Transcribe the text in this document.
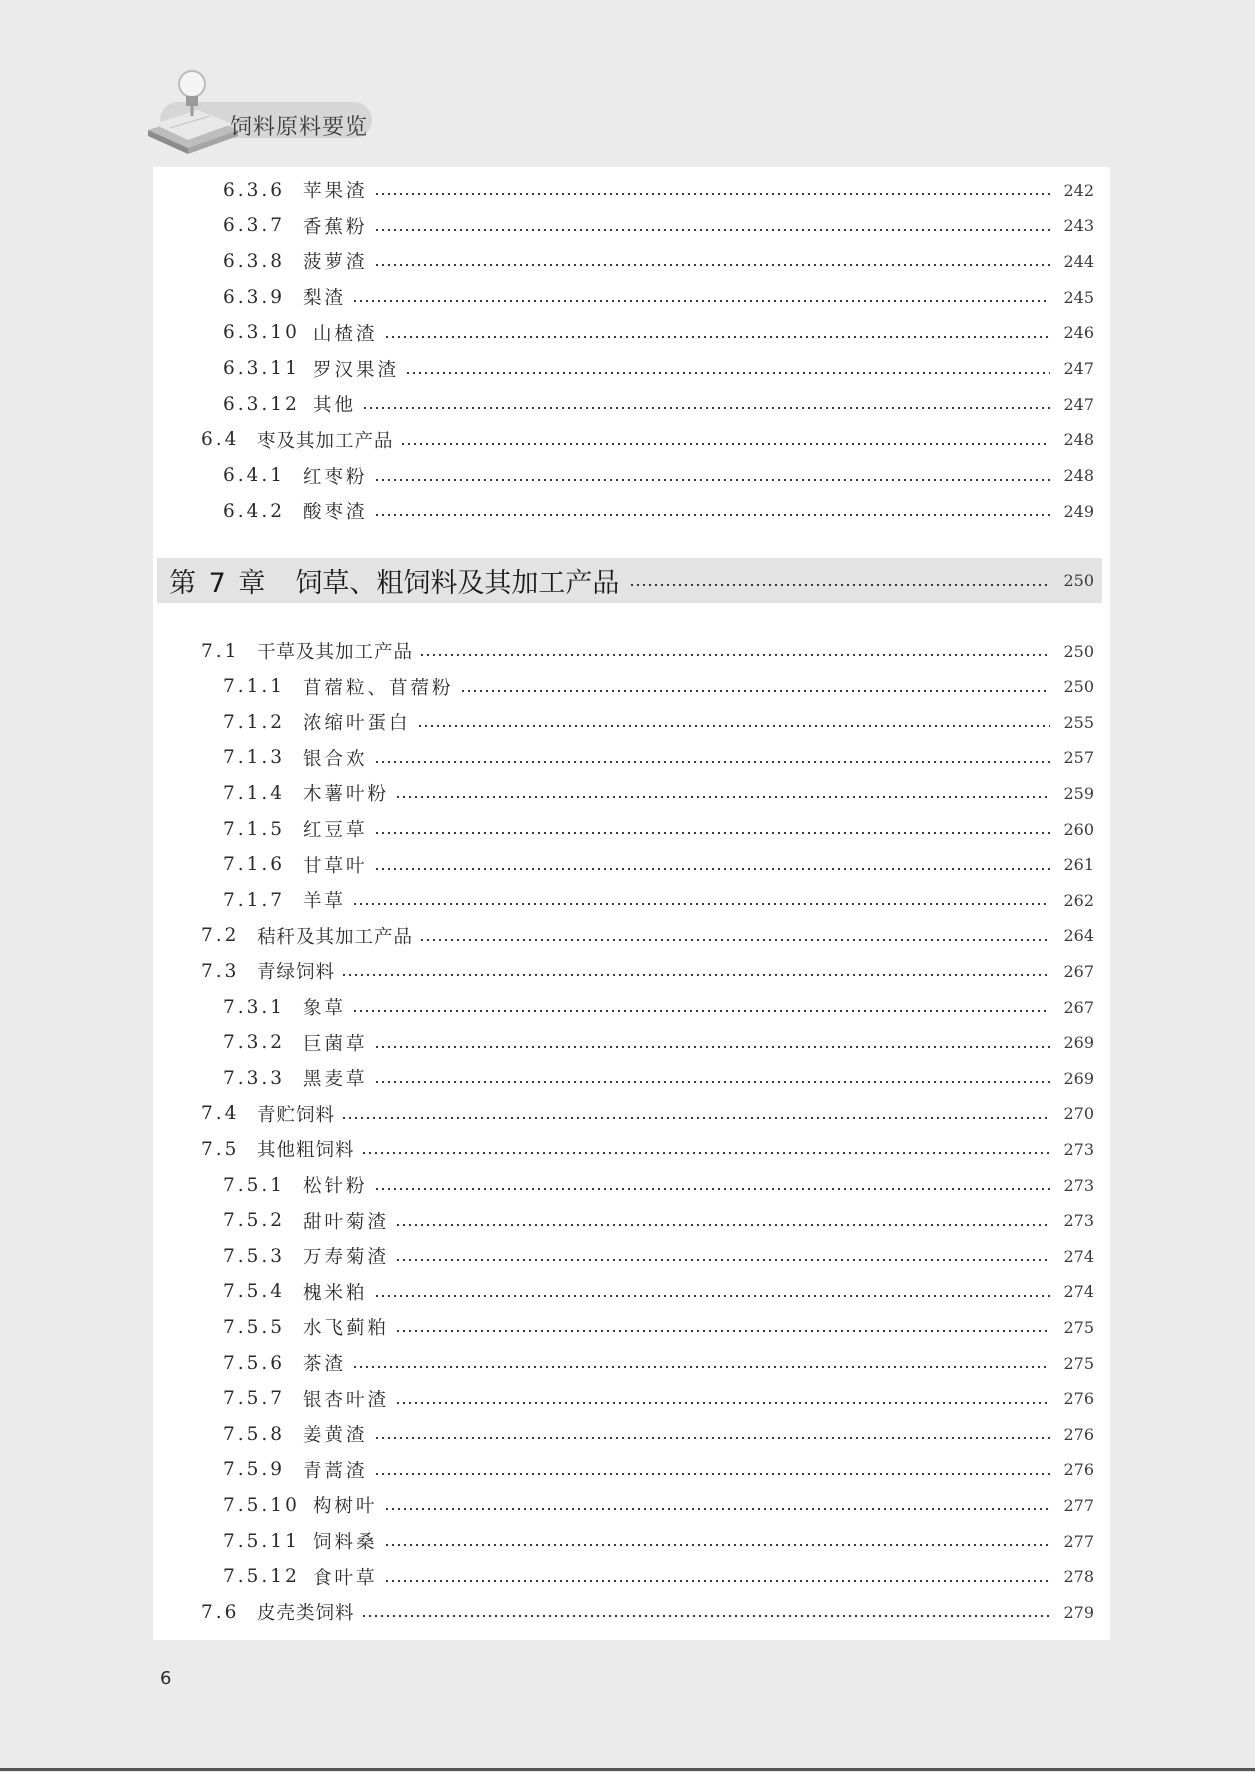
饲料原料要览
6.3.6 苹果渣	242
6.3.7 香蕉粉	243
6.3.8 菠萝渣	244
6.3.9 梨渣	245
6.3.10 山楂渣	246
6.3.11 罗汉果渣	247
6.3.12 其他	247
6.4 枣及其加工产品	248
6.4.1 红枣粉	248
6.4.2 酸枣渣	249
第 7 章 饲草、粗饲料及其加工产品	250
7.1 干草及其加工产品	250
7.1.1 苜蓿粒、苜蓿粉	250
7.1.2 浓缩叶蛋白	255
7.1.3 银合欢	257
7.1.4 木薯叶粉	259
7.1.5 红豆草	260
7.1.6 甘草叶	261
7.1.7 羊草	262
7.2 秸秆及其加工产品	264
7.3 青绿饲料	267
7.3.1 象草	267
7.3.2 巨菌草	269
7.3.3 黑麦草	269
7.4 青贮饲料	270
7.5 其他粗饲料	273
7.5.1 松针粉	273
7.5.2 甜叶菊渣	273
7.5.3 万寿菊渣	274
7.5.4 槐米粕	274
7.5.5 水飞蓟粕	275
7.5.6 茶渣	275
7.5.7 银杏叶渣	276
7.5.8 姜黄渣	276
7.5.9 青蒿渣	276
7.5.10 构树叶	277
7.5.11 饲料桑	277
7.5.12 食叶草	278
7.6 皮壳类饲料	279
6
